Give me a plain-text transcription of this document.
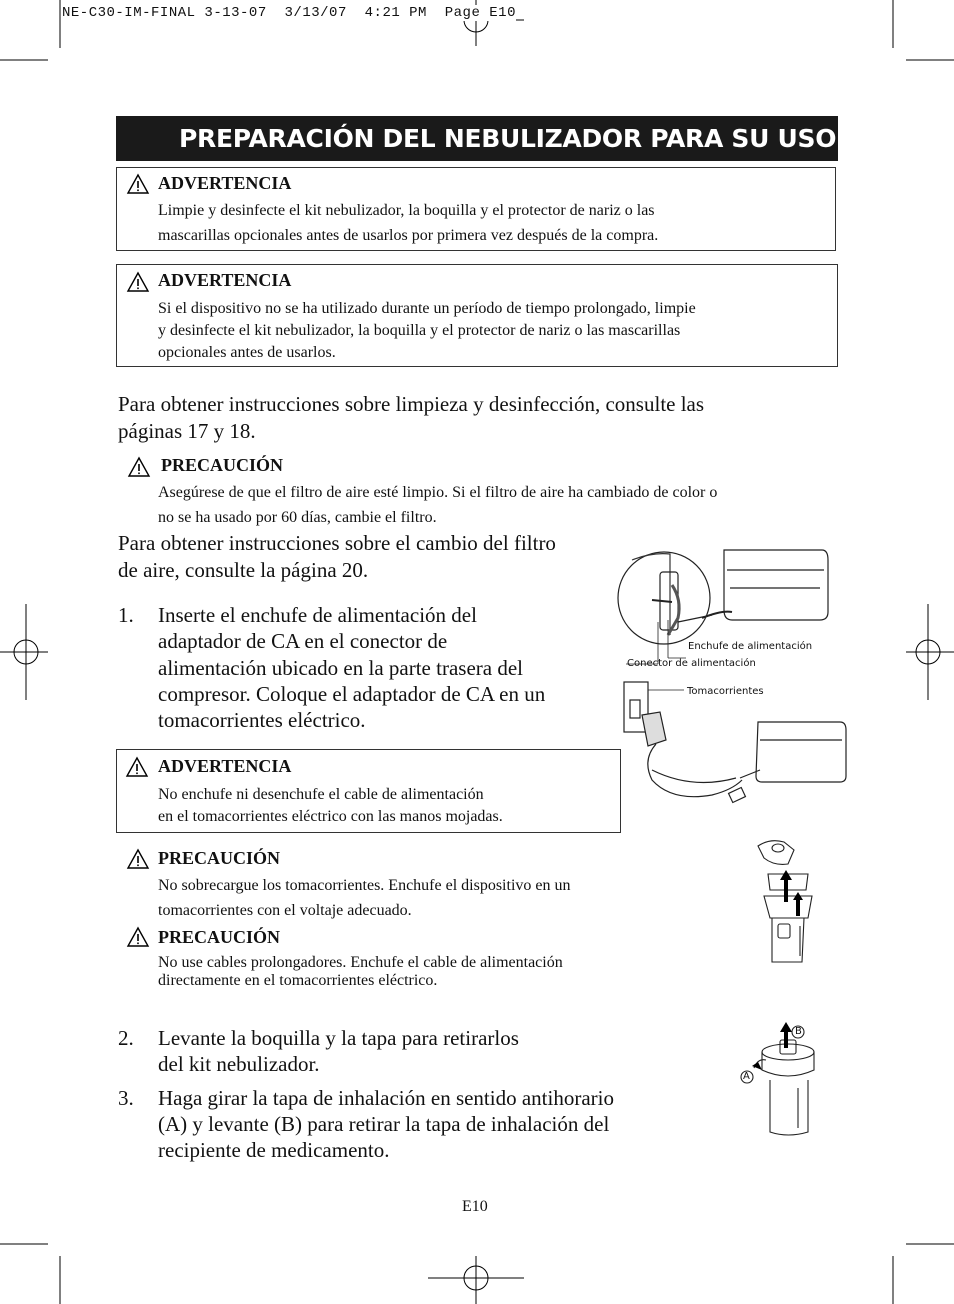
NE-C30-IM-FINAL 3-13-07  3/13/07  4:21 PM  Page E10
PREPARACIÓN DEL NEBULIZADOR PARA SU USO
ADVERTENCIA
Limpie y desinfecte el kit nebulizador, la boquilla y el protector de nariz o las
mascarillas opcionales antes de usarlos por primera vez después de la compra.
ADVERTENCIA
Si el dispositivo no se ha utilizado durante un período de tiempo prolongado, limpie
y desinfecte el kit nebulizador, la boquilla y el protector de nariz o las mascarillas
opcionales antes de usarlos.
Para obtener instrucciones sobre limpieza y desinfección, consulte las
páginas 17 y 18.
PRECAUCIÓN
Asegúrese de que el filtro de aire esté limpio. Si el filtro de aire ha cambiado de color o
no se ha usado por 60 días, cambie el filtro.
Para obtener instrucciones sobre el cambio del filtro
de aire, consulte la página 20.
1. Inserte el enchufe de alimentación del
adaptador de CA en el conector de
alimentación ubicado en la parte trasera del
compresor. Coloque el adaptador de CA en un
tomacorrientes eléctrico.
Enchufe de alimentación
Conector de alimentación
Tomacorrientes
ADVERTENCIA
No enchufe ni desenchufe el cable de alimentación
en el tomacorrientes eléctrico con las manos mojadas.
PRECAUCIÓN
No sobrecargue los tomacorrientes. Enchufe el dispositivo en un
tomacorrientes con el voltaje adecuado.
PRECAUCIÓN
No use cables prolongadores. Enchufe el cable de alimentación
directamente en el tomacorrientes eléctrico.
2. Levante la boquilla y la tapa para retirarlos
del kit nebulizador.
3. Haga girar la tapa de inhalación en sentido antihorario
(A) y levante (B) para retirar la tapa de inhalación del
recipiente de medicamento.
A
B
E10
